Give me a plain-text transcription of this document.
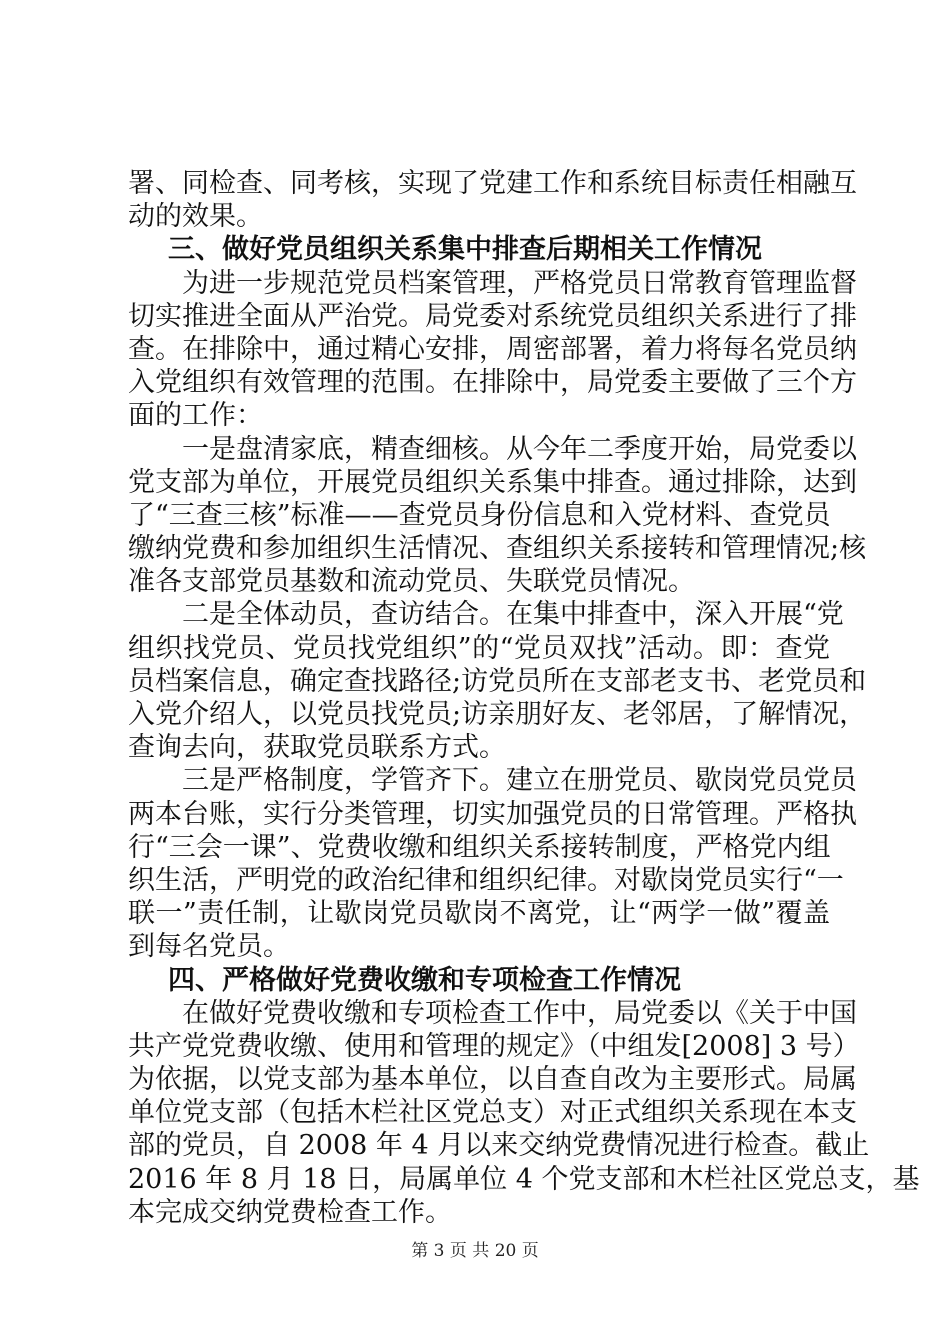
署、同检查、同考核，实现了党建工作和系统目标责任相融互
动的效果。
三、做好党员组织关系集中排查后期相关工作情况
为进一步规范党员档案管理，严格党员日常教育管理监督
切实推进全面从严治党。局党委对系统党员组织关系进行了排
查。在排除中，通过精心安排，周密部署，着力将每名党员纳
入党组织有效管理的范围。在排除中，局党委主要做了三个方
面的工作：
一是盘清家底，精查细核。从今年二季度开始，局党委以
党支部为单位，开展党员组织关系集中排查。通过排除，达到
了“三查三核”标准——查党员身份信息和入党材料、查党员
缴纳党费和参加组织生活情况、查组织关系接转和管理情况;核
准各支部党员基数和流动党员、失联党员情况。
二是全体动员，查访结合。在集中排查中，深入开展“党
组织找党员、党员找党组织”的“党员双找”活动。即：查党
员档案信息，确定查找路径;访党员所在支部老支书、老党员和
入党介绍人，以党员找党员;访亲朋好友、老邻居，了解情况，
查询去向，获取党员联系方式。
三是严格制度，学管齐下。建立在册党员、歇岗党员党员
两本台账，实行分类管理，切实加强党员的日常管理。严格执
行“三会一课”、党费收缴和组织关系接转制度，严格党内组
织生活，严明党的政治纪律和组织纪律。对歇岗党员实行“一
联一”责任制，让歇岗党员歇岗不离党，让“两学一做”覆盖
到每名党员。
四、严格做好党费收缴和专项检查工作情况
在做好党费收缴和专项检查工作中，局党委以《关于中国
共产党党费收缴、使用和管理的规定》（中组发[2008] 3 号）
为依据，以党支部为基本单位，以自查自改为主要形式。局属
单位党支部（包括木栏社区党总支）对正式组织关系现在本支
部的党员，自 2008 年 4 月以来交纳党费情况进行检查。截止
2016 年 8 月 18 日，局属单位 4 个党支部和木栏社区党总支，基
本完成交纳党费检查工作。
第 3 页 共 20 页
